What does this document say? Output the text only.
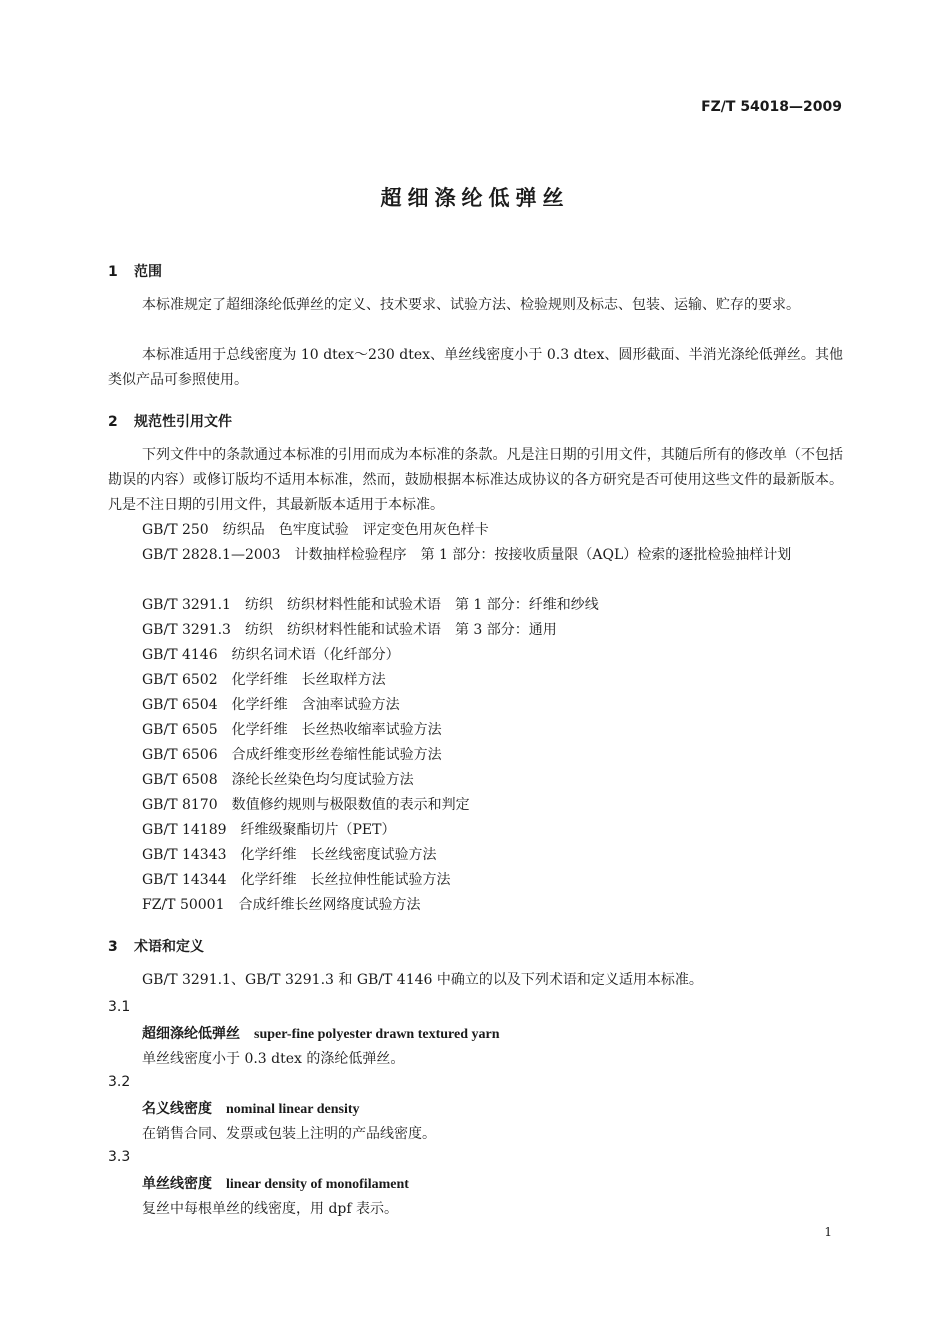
FZ/T 54018—2009
超细涤纶低弹丝
1 范围
本标准规定了超细涤纶低弹丝的定义、技术要求、试验方法、检验规则及标志、包装、运输、贮存的要求。
本标准适用于总线密度为 10 dtex～230 dtex、单丝线密度小于 0.3 dtex、圆形截面、半消光涤纶低弹丝。其他类似产品可参照使用。
2 规范性引用文件
下列文件中的条款通过本标准的引用而成为本标准的条款。凡是注日期的引用文件，其随后所有的修改单（不包括勘误的内容）或修订版均不适用本标准，然而，鼓励根据本标准达成协议的各方研究是否可使用这些文件的最新版本。凡是不注日期的引用文件，其最新版本适用于本标准。
GB/T 250 纺织品　色牢度试验　评定变色用灰色样卡
GB/T 2828.1—2003 计数抽样检验程序　第 1 部分：按接收质量限（AQL）检索的逐批检验抽样计划
GB/T 3291.1 纺织　纺织材料性能和试验术语　第 1 部分：纤维和纱线
GB/T 3291.3 纺织　纺织材料性能和试验术语　第 3 部分：通用
GB/T 4146 纺织名词术语（化纤部分）
GB/T 6502 化学纤维　长丝取样方法
GB/T 6504 化学纤维　含油率试验方法
GB/T 6505 化学纤维　长丝热收缩率试验方法
GB/T 6506 合成纤维变形丝卷缩性能试验方法
GB/T 6508 涤纶长丝染色均匀度试验方法
GB/T 8170 数值修约规则与极限数值的表示和判定
GB/T 14189 纤维级聚酯切片（PET）
GB/T 14343 化学纤维　长丝线密度试验方法
GB/T 14344 化学纤维　长丝拉伸性能试验方法
FZ/T 50001 合成纤维长丝网络度试验方法
3 术语和定义
GB/T 3291.1、GB/T 3291.3 和 GB/T 4146 中确立的以及下列术语和定义适用本标准。
3.1
超细涤纶低弹丝 super-fine polyester drawn textured yarn
单丝线密度小于 0.3 dtex 的涤纶低弹丝。
3.2
名义线密度 nominal linear density
在销售合同、发票或包装上注明的产品线密度。
3.3
单丝线密度 linear density of monofilament
复丝中每根单丝的线密度，用 dpf 表示。
1
